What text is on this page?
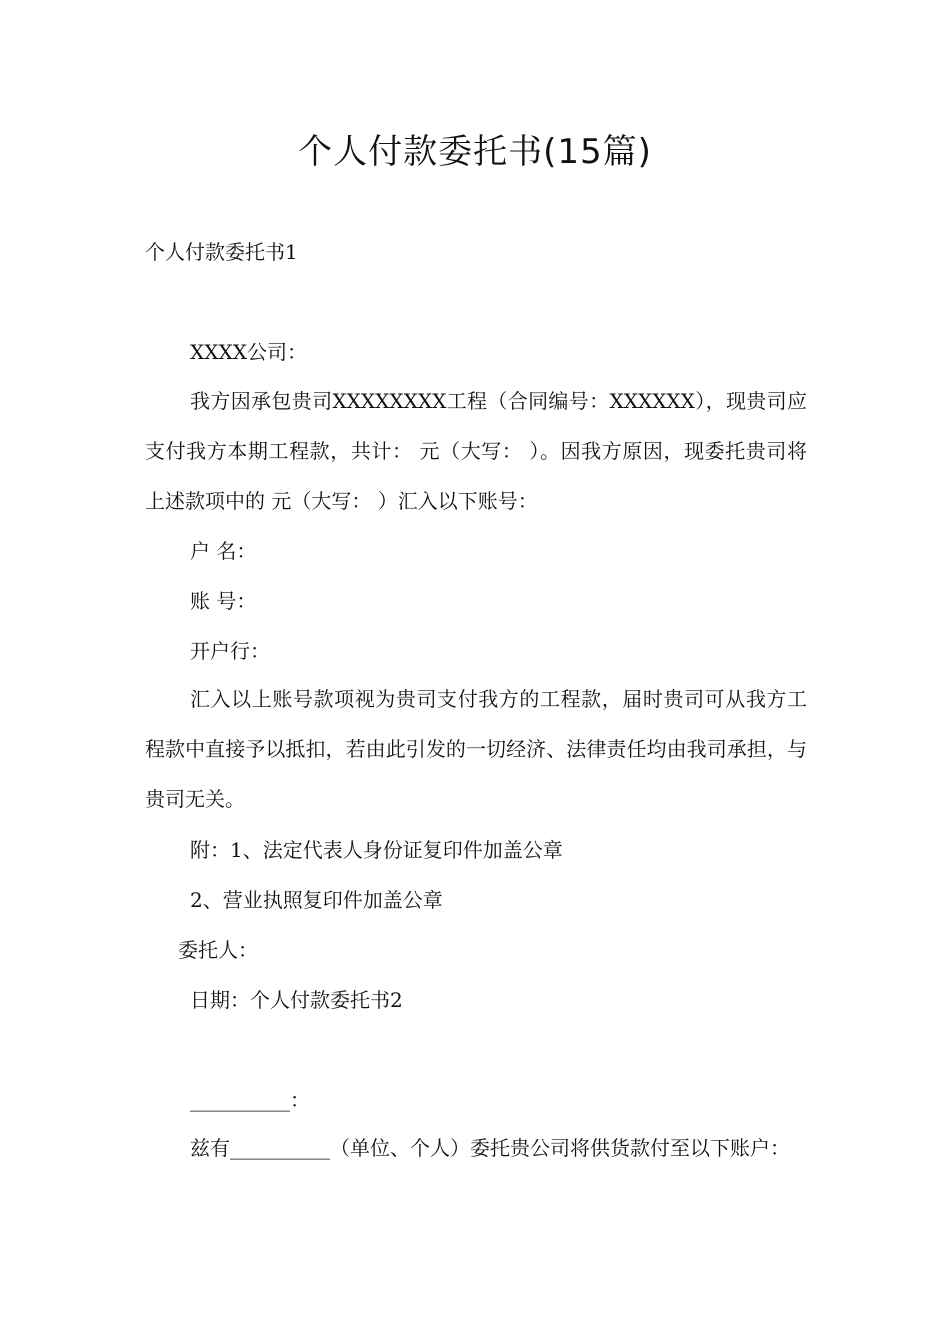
个人付款委托书(15篇)
个人付款委托书1
XXXX公司：
我方因承包贵司XXXXXXXX工程（合同编号：XXXXXX），现贵司应支付我方本期工程款，共计： 元（大写： ）。因我方原因，现委托贵司将上述款项中的 元（大写： ）汇入以下账号：
户 名：
账 号：
开户行：
汇入以上账号款项视为贵司支付我方的工程款，届时贵司可从我方工程款中直接予以抵扣，若由此引发的一切经济、法律责任均由我司承担，与贵司无关。
附：1、法定代表人身份证复印件加盖公章
2、营业执照复印件加盖公章
委托人：
日期：个人付款委托书2
__________：
兹有__________（单位、个人）委托贵公司将供货款付至以下账户：
